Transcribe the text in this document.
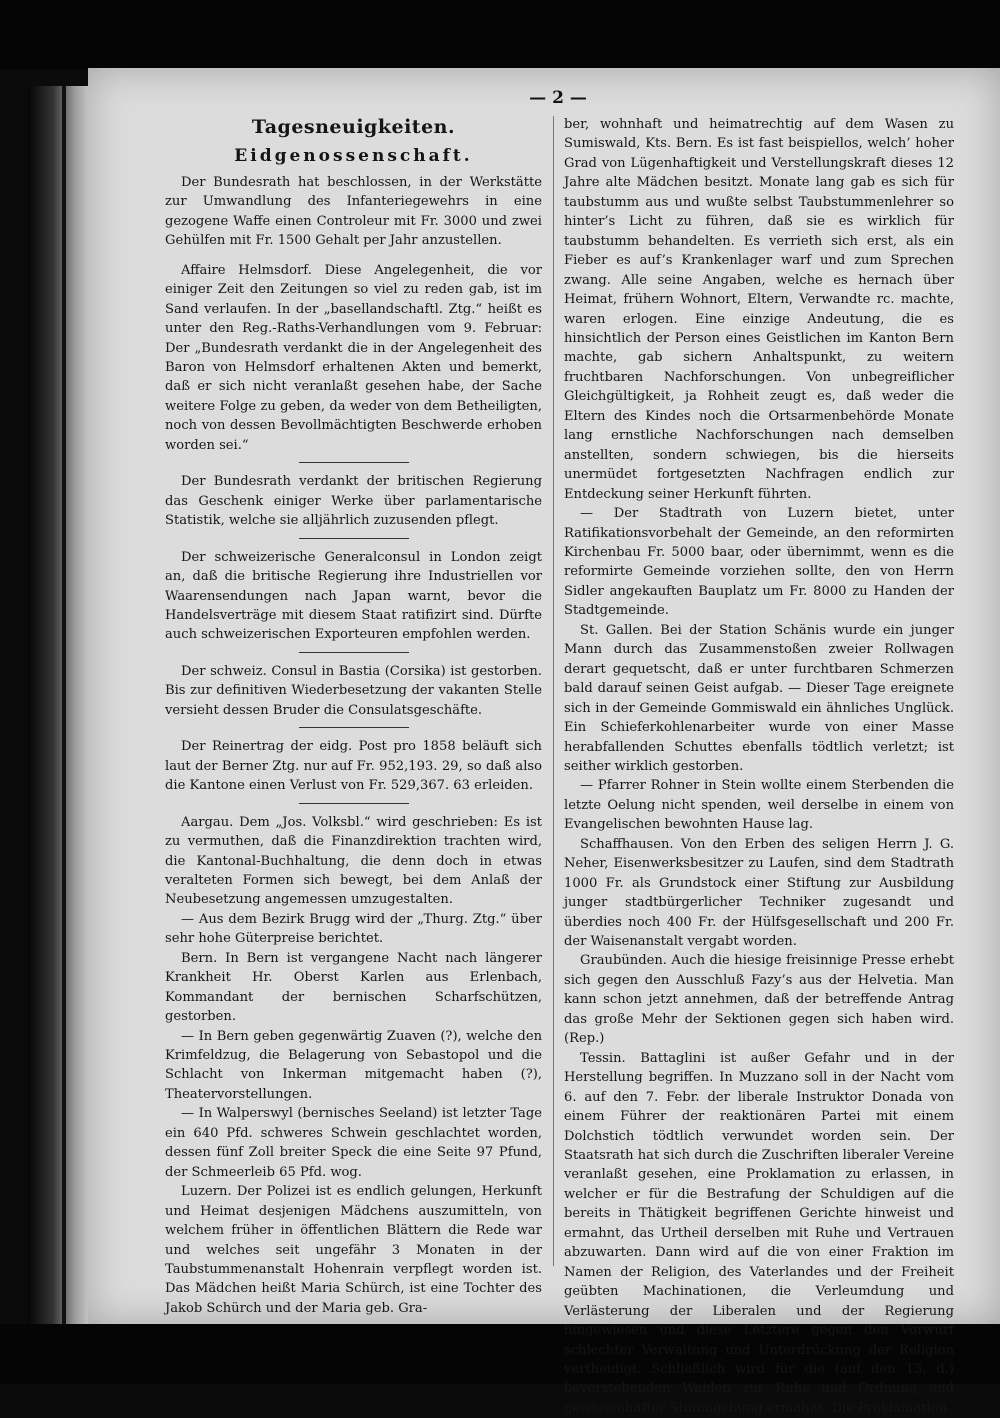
— 2 —
Tagesneuigkeiten.
Eidgenossenschaft.

Der Bundesrath hat beschlossen, in der Werkstätte zur Umwandlung des Infanteriegewehrs in eine gezogene Waffe einen Controleur mit Fr. 3000 und zwei Gehülfen mit Fr. 1500 Gehalt per Jahr anzustellen.

Affaire Helmsdorf. Diese Angelegenheit, die vor einiger Zeit den Zeitungen so viel zu reden gab, ist im Sand verlaufen. In der „basellandschaftl. Ztg.“ heißt es unter den Reg.-Raths-Verhandlungen vom 9. Februar: Der „Bundesrath verdankt die in der Angelegenheit des Baron von Helmsdorf erhaltenen Akten und bemerkt, daß er sich nicht veranlaßt gesehen habe, der Sache weitere Folge zu geben, da weder von dem Betheiligten, noch von dessen Bevollmächtigten Beschwerde erhoben worden sei.“

Der Bundesrath verdankt der britischen Regierung das Geschenk einiger Werke über parlamentarische Statistik, welche sie alljährlich zuzusenden pflegt.

Der schweizerische Generalconsul in London zeigt an, daß die britische Regierung ihre Industriellen vor Waarensendungen nach Japan warnt, bevor die Handelsverträge mit diesem Staat ratifizirt sind. Dürfte auch schweizerischen Exporteuren empfohlen werden.

Der schweiz. Consul in Bastia (Corsika) ist gestorben. Bis zur definitiven Wiederbesetzung der vakanten Stelle versieht dessen Bruder die Consulatsgeschäfte.

Der Reinertrag der eidg. Post pro 1858 beläuft sich laut der Berner Ztg. nur auf Fr. 952,193. 29, so daß also die Kantone einen Verlust von Fr. 529,367. 63 erleiden.

Aargau. Dem „Jos. Volksbl.“ wird geschrieben: Es ist zu vermuthen, daß die Finanzdirektion trachten wird, die Kantonal-Buchhaltung, die denn doch in etwas veralteten Formen sich bewegt, bei dem Anlaß der Neubesetzung angemessen umzugestalten.

— Aus dem Bezirk Brugg wird der „Thurg. Ztg.“ über sehr hohe Güterpreise berichtet.

Bern. In Bern ist vergangene Nacht nach längerer Krankheit Hr. Oberst Karlen aus Erlenbach, Kommandant der bernischen Scharfschützen, gestorben.

— In Bern geben gegenwärtig Zuaven (?), welche den Krimfeldzug, die Belagerung von Sebastopol und die Schlacht von Inkerman mitgemacht haben (?), Theatervorstellungen.

— In Walperswyl (bernisches Seeland) ist letzter Tage ein 640 Pfd. schweres Schwein geschlachtet worden, dessen fünf Zoll breiter Speck die eine Seite 97 Pfund, der Schmeerleib 65 Pfd. wog.

Luzern. Der Polizei ist es endlich gelungen, Herkunft und Heimat desjenigen Mädchens auszumitteln, von welchem früher in öffentlichen Blättern die Rede war und welches seit ungefähr 3 Monaten in der Taubstummenanstalt Hohenrain verpflegt worden ist. Das Mädchen heißt Maria Schürch, ist eine Tochter des Jakob Schürch und der Maria geb. Gra-

ber, wohnhaft und heimatrechtig auf dem Wasen zu Sumiswald, Kts. Bern. Es ist fast beispiellos, welch’ hoher Grad von Lügenhaftigkeit und Verstellungskraft dieses 12 Jahre alte Mädchen besitzt. Monate lang gab es sich für taubstumm aus und wußte selbst Taubstummenlehrer so hinter’s Licht zu führen, daß sie es wirklich für taubstumm behandelten. Es verrieth sich erst, als ein Fieber es auf’s Krankenlager warf und zum Sprechen zwang. Alle seine Angaben, welche es hernach über Heimat, frühern Wohnort, Eltern, Verwandte rc. machte, waren erlogen. Eine einzige Andeutung, die es hinsichtlich der Person eines Geistlichen im Kanton Bern machte, gab sichern Anhaltspunkt, zu weitern fruchtbaren Nachforschungen. Von unbegreiflicher Gleichgültigkeit, ja Rohheit zeugt es, daß weder die Eltern des Kindes noch die Ortsarmenbehörde Monate lang ernstliche Nachforschungen nach demselben anstellten, sondern schwiegen, bis die hierseits unermüdet fortgesetzten Nachfragen endlich zur Entdeckung seiner Herkunft führten.

— Der Stadtrath von Luzern bietet, unter Ratifikationsvorbehalt der Gemeinde, an den reformirten Kirchenbau Fr. 5000 baar, oder übernimmt, wenn es die reformirte Gemeinde vorziehen sollte, den von Herrn Sidler angekauften Bauplatz um Fr. 8000 zu Handen der Stadtgemeinde.

St. Gallen. Bei der Station Schänis wurde ein junger Mann durch das Zusammenstoßen zweier Rollwagen derart gequetscht, daß er unter furchtbaren Schmerzen bald darauf seinen Geist aufgab. — Dieser Tage ereignete sich in der Gemeinde Gommiswald ein ähnliches Unglück. Ein Schieferkohlenarbeiter wurde von einer Masse herabfallenden Schuttes ebenfalls tödtlich verletzt; ist seither wirklich gestorben.

— Pfarrer Rohner in Stein wollte einem Sterbenden die letzte Oelung nicht spenden, weil derselbe in einem von Evangelischen bewohnten Hause lag.

Schaffhausen. Von den Erben des seligen Herrn J. G. Neher, Eisenwerksbesitzer zu Laufen, sind dem Stadtrath 1000 Fr. als Grundstock einer Stiftung zur Ausbildung junger stadtbürgerlicher Techniker zugesandt und überdies noch 400 Fr. der Hülfsgesellschaft und 200 Fr. der Waisenanstalt vergabt worden.

Graubünden. Auch die hiesige freisinnige Presse erhebt sich gegen den Ausschluß Fazy’s aus der Helvetia. Man kann schon jetzt annehmen, daß der betreffende Antrag das große Mehr der Sektionen gegen sich haben wird. (Rep.)

Tessin. Battaglini ist außer Gefahr und in der Herstellung begriffen. In Muzzano soll in der Nacht vom 6. auf den 7. Febr. der liberale Instruktor Donada von einem Führer der reaktionären Partei mit einem Dolchstich tödtlich verwundet worden sein. Der Staatsrath hat sich durch die Zuschriften liberaler Vereine veranlaßt gesehen, eine Proklamation zu erlassen, in welcher er für die Bestrafung der Schuldigen auf die bereits in Thätigkeit begriffenen Gerichte hinweist und ermahnt, das Urtheil derselben mit Ruhe und Vertrauen abzuwarten. Dann wird auf die von einer Fraktion im Namen der Religion, des Vaterlandes und der Freiheit geübten Machinationen, die Verleumdung und Verlästerung der Liberalen und der Regierung hingewiesen und diese Letztere gegen den Vorwurf schlechter Verwaltung und Unterdrückung der Religion vertheidigt. Schließlich wird für die (auf den 13. d.) bevorstehenden Wahlen zur Ruhe und Ordnung und gewissenhafter Stimmgebung ermahnt. Die Proklamation
